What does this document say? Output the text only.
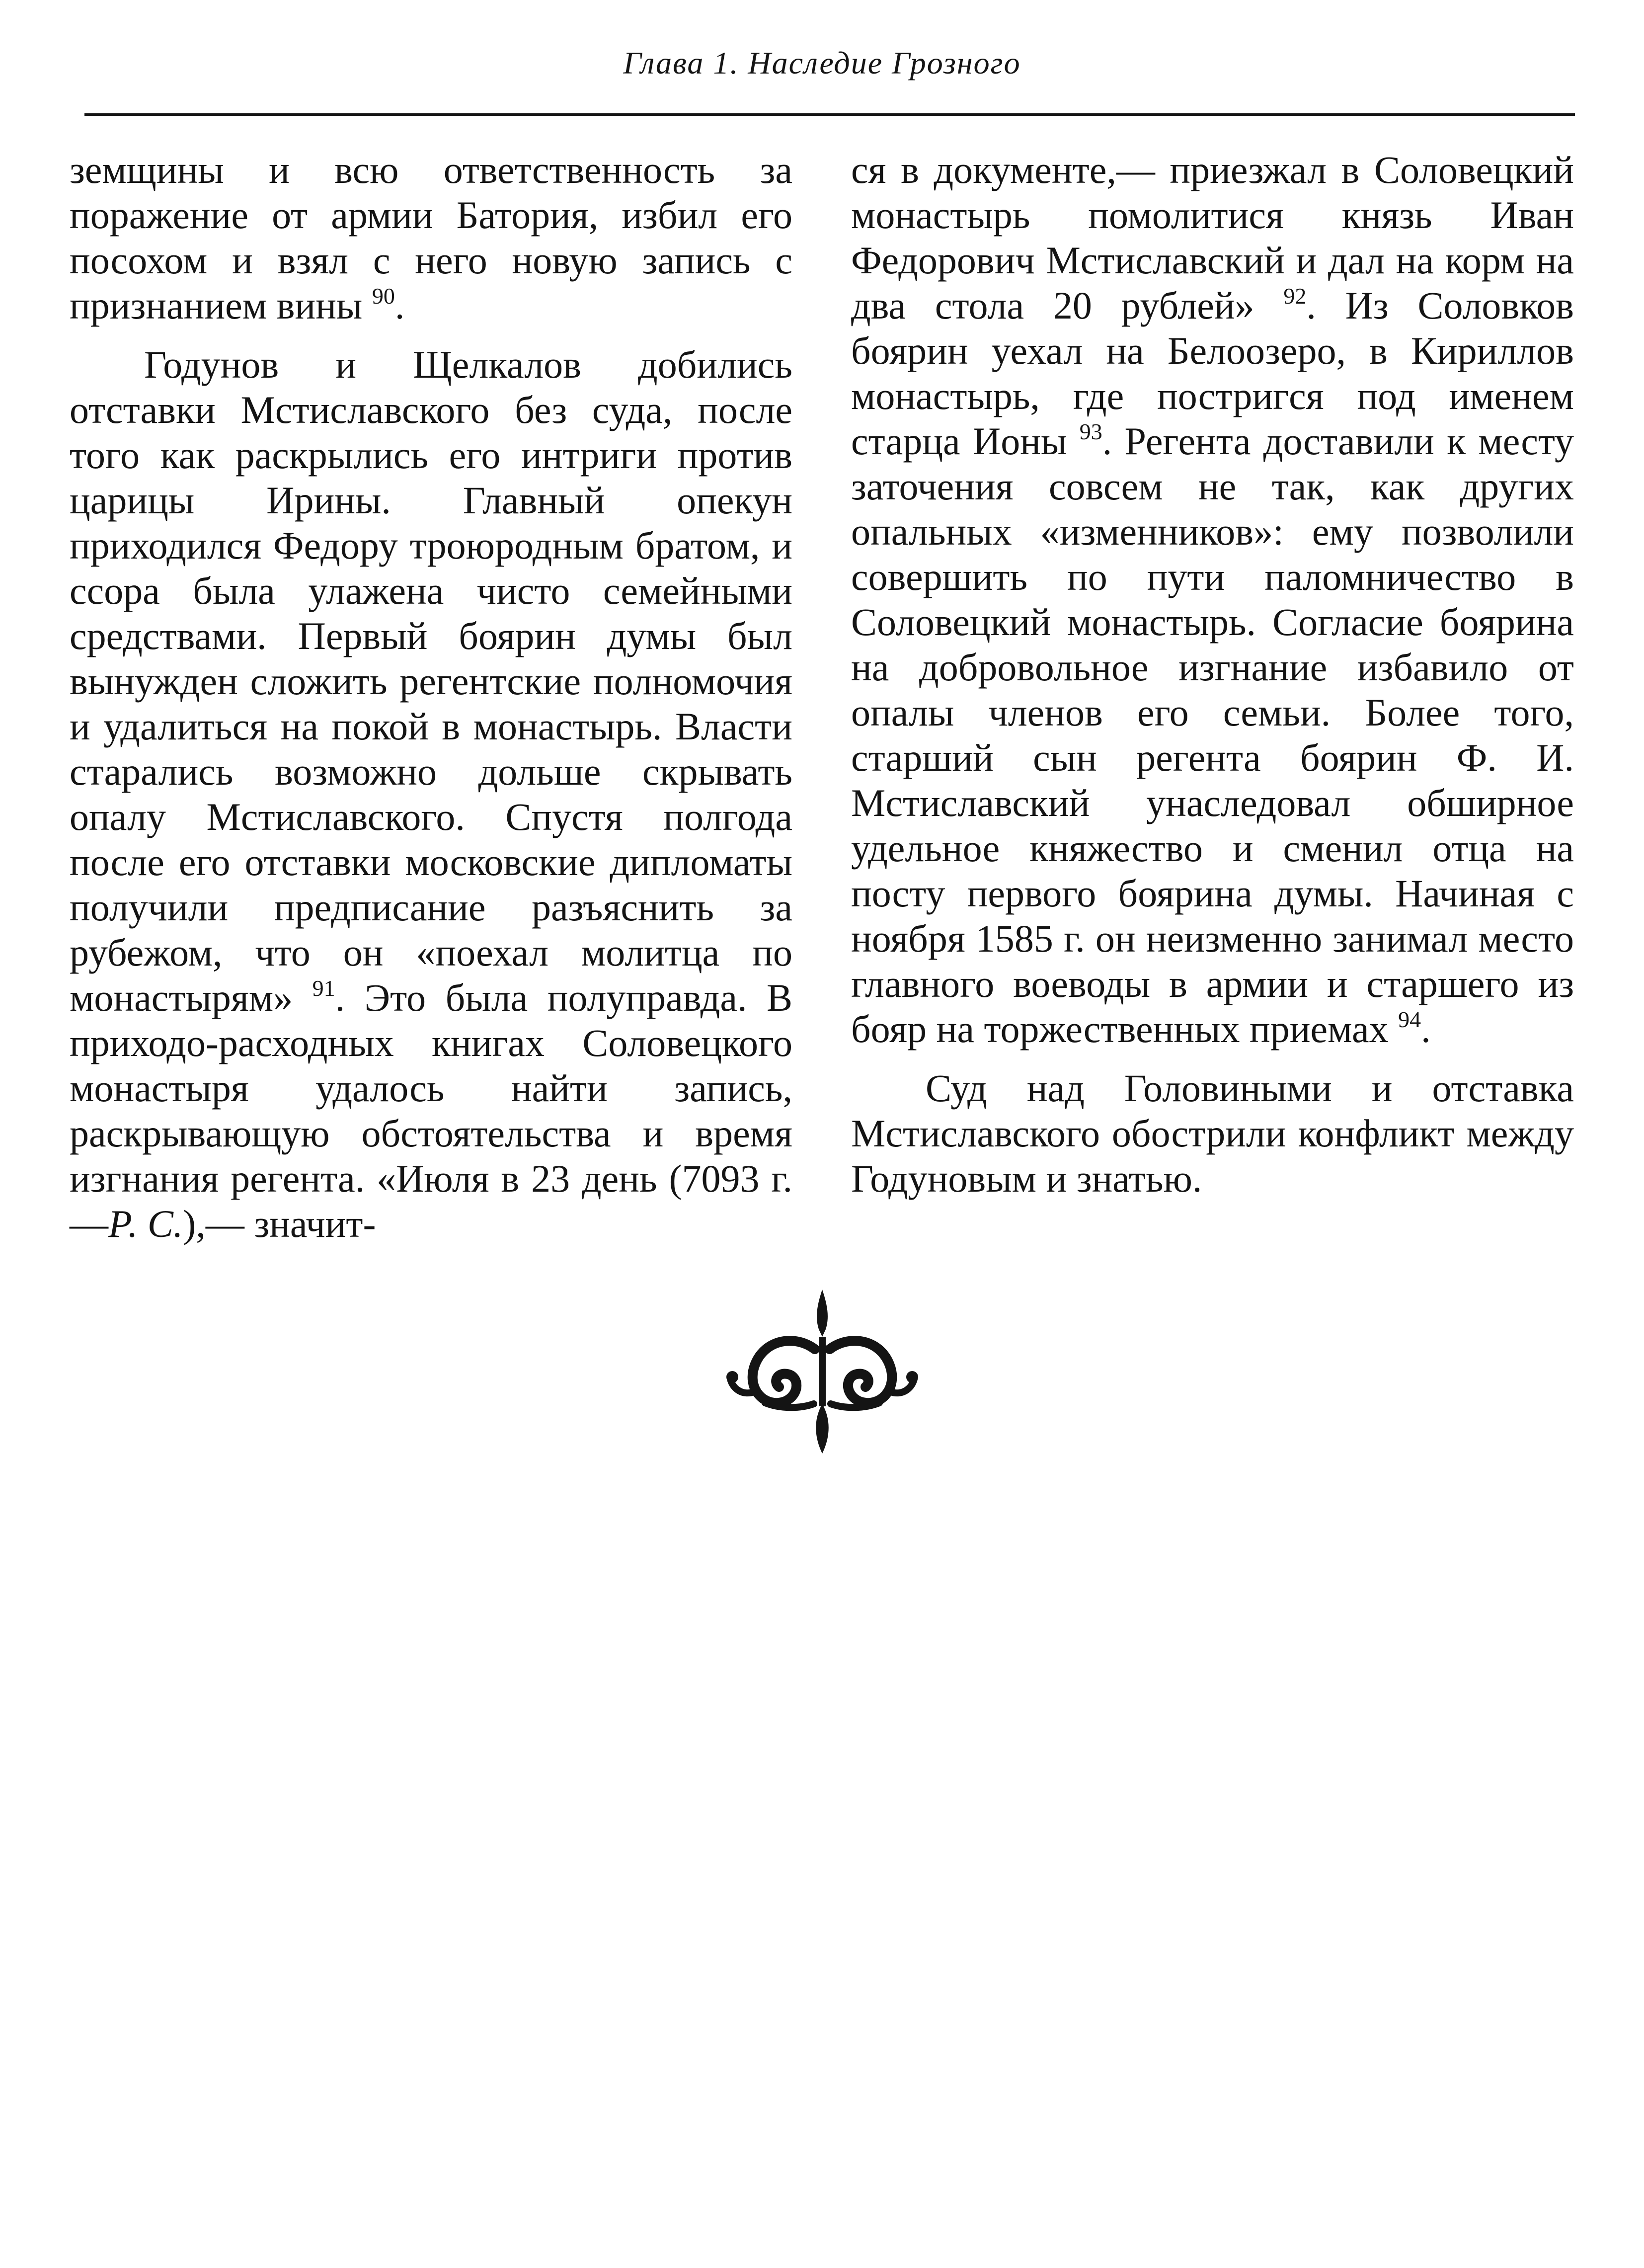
Глава 1. Наследие Грозного

земщины и всю ответственность за поражение от армии Батория, избил его посохом и взял с него новую запись с признанием вины $^{90}$.

Годунов и Щелкалов добились отставки Мстиславского без суда, после того как раскрылись его интриги против царицы Ирины. Главный опекун приходился Федору троюродным братом, и ссора была улажена чисто семейными средствами. Первый боярин думы был вынужден сложить регентские полномочия и удалиться на покой в монастырь. Власти старались возможно дольше скрывать опалу Мстиславского. Спустя полгода после его отставки московские дипломаты получили предписание разъяснить за рубежом, что он «поехал молитца по монастырям» $^{91}$. Это была полуправда. В приходо-расходных книгах Соловецкого монастыря удалось найти запись, раскрывающую обстоятельства и время изгнания регента. «Июля в 23 день (7093 г.—Р. С.),— значит-

ся в документе,— приезжал в Соловецкий монастырь помолитися князь Иван Федорович Мстиславский и дал на корм на два стола 20 рублей» $^{92}$. Из Соловков боярин уехал на Белоозеро, в Кириллов монастырь, где постригся под именем старца Ионы $^{93}$. Регента доставили к месту заточения совсем не так, как других опальных «изменников»: ему позволили совершить по пути паломничество в Соловецкий монастырь. Согласие боярина на добровольное изгнание избавило от опалы членов его семьи. Более того, старший сын регента боярин Ф. И. Мстиславский унаследовал обширное удельное княжество и сменил отца на посту первого боярина думы. Начиная с ноября 1585 г. он неизменно занимал место главного воеводы в армии и старшего из бояр на торжественных приемах $^{94}$.

Суд над Головиными и отставка Мстиславского обострили конфликт между Годуновым и знатью.
